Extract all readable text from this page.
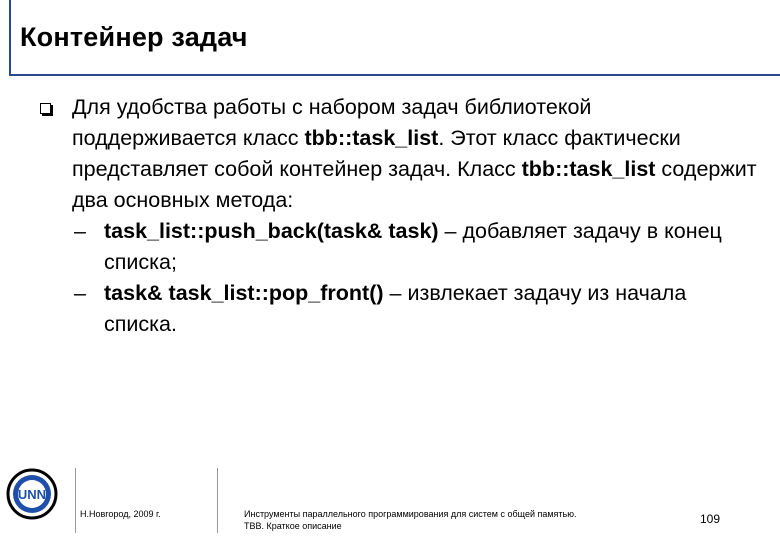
Контейнер задач
Для удобства работы с набором задач библиотекой поддерживается класс tbb::task_list. Этот класс фактически представляет собой контейнер задач. Класс tbb::task_list содержит два основных метода:
– task_list::push_back(task& task) – добавляет задачу в конец списка;
– task& task_list::pop_front() – извлекает задачу из начала списка.
UNN
Н.Новгород, 2009 г.	Инструменты параллельного программирования для систем с общей памятью.
TBB. Краткое описание	109
